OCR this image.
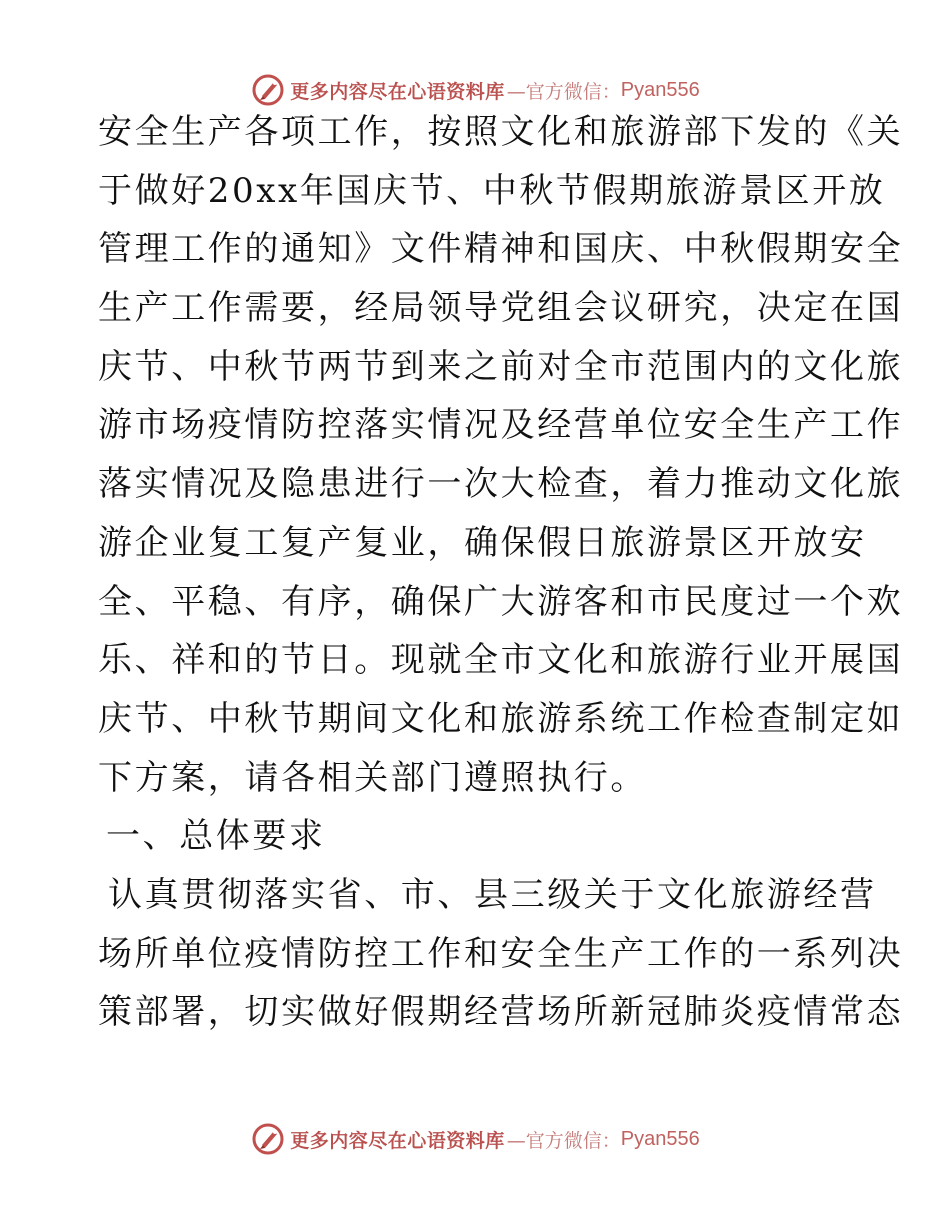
更多内容尽在心语资料库 —官方微信： Pyan556

安全生产各项工作，按照文化和旅游部下发的《关
于做好20xx年国庆节、中秋节假期旅游景区开放
管理工作的通知》文件精神和国庆、中秋假期安全
生产工作需要，经局领导党组会议研究，决定在国
庆节、中秋节两节到来之前对全市范围内的文化旅
游市场疫情防控落实情况及经营单位安全生产工作
落实情况及隐患进行一次大检查，着力推动文化旅
游企业复工复产复业，确保假日旅游景区开放安
全、平稳、有序，确保广大游客和市民度过一个欢
乐、祥和的节日。现就全市文化和旅游行业开展国
庆节、中秋节期间文化和旅游系统工作检查制定如
下方案，请各相关部门遵照执行。

一、总体要求

认真贯彻落实省、市、县三级关于文化旅游经营
场所单位疫情防控工作和安全生产工作的一系列决
策部署，切实做好假期经营场所新冠肺炎疫情常态

更多内容尽在心语资料库 —官方微信： Pyan556
